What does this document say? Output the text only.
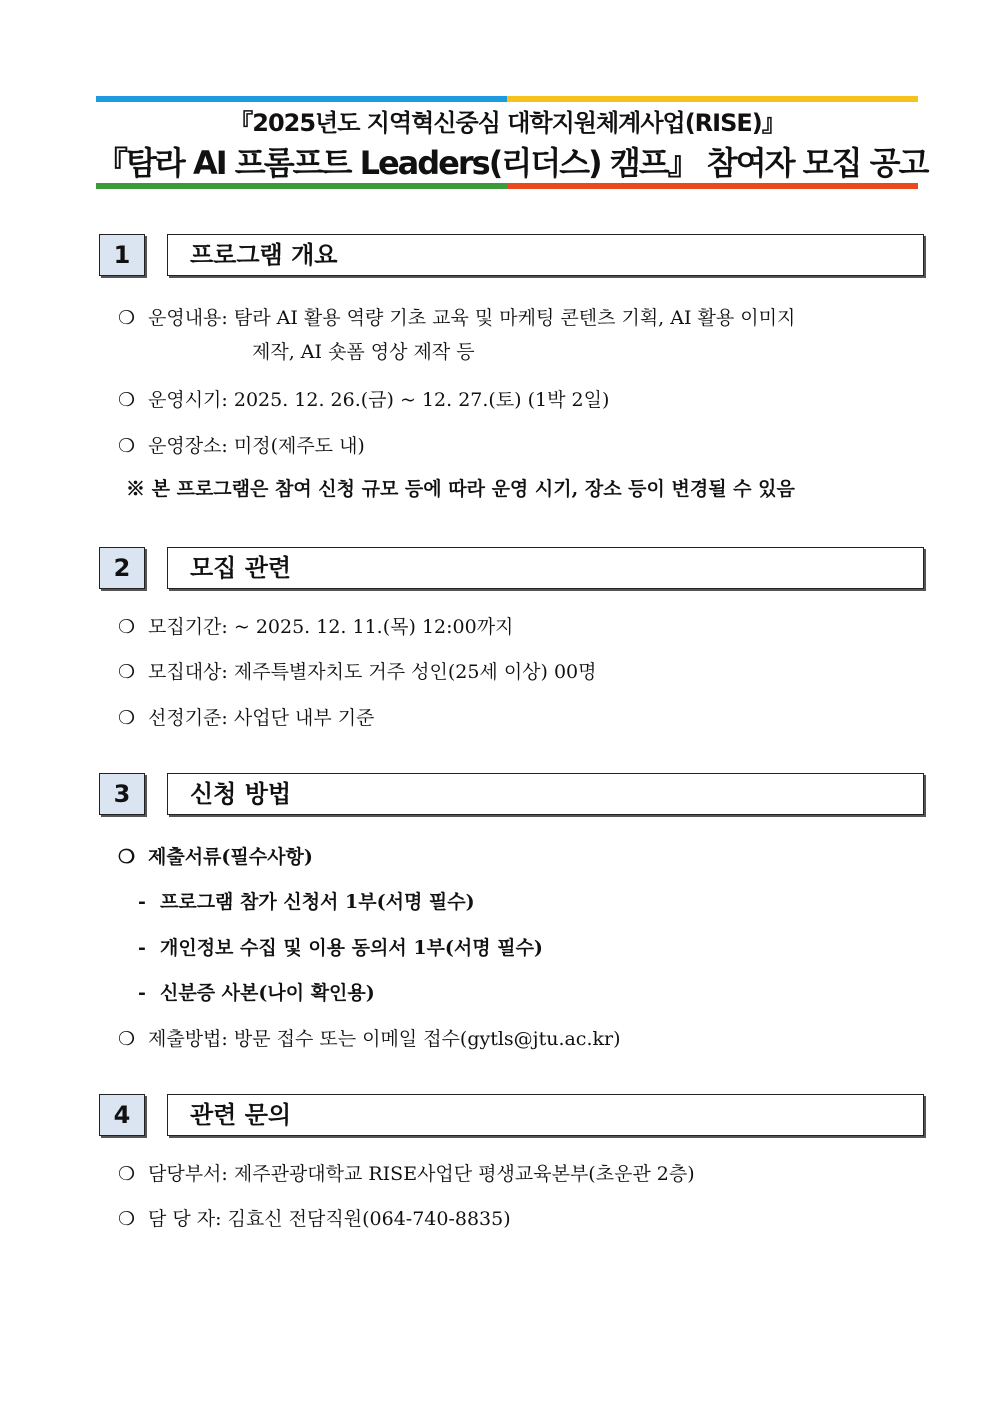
『2025년도 지역혁신중심 대학지원체계사업(RISE)』
『탐라 AI 프롬프트 Leaders(리더스) 캠프』 참여자 모집 공고
1	프로그램 개요
❍ 운영내용: 탐라 AI 활용 역량 기초 교육 및 마케팅 콘텐츠 기획, AI 활용 이미지
제작, AI 숏폼 영상 제작 등
❍ 운영시기: 2025. 12. 26.(금) ~ 12. 27.(토) (1박 2일)
❍ 운영장소: 미정(제주도 내)
※ 본 프로그램은 참여 신청 규모 등에 따라 운영 시기, 장소 등이 변경될 수 있음
2	모집 관련
❍ 모집기간: ~ 2025. 12. 11.(목) 12:00까지
❍ 모집대상: 제주특별자치도 거주 성인(25세 이상) 00명
❍ 선정기준: 사업단 내부 기준
3	신청 방법
❍ 제출서류(필수사항)
- 프로그램 참가 신청서 1부(서명 필수)
- 개인정보 수집 및 이용 동의서 1부(서명 필수)
- 신분증 사본(나이 확인용)
❍ 제출방법: 방문 접수 또는 이메일 접수(gytls@jtu.ac.kr)
4	관련 문의
❍ 담당부서: 제주관광대학교 RISE사업단 평생교육본부(초운관 2층)
❍ 담 당 자: 김효신 전담직원(064-740-8835)
